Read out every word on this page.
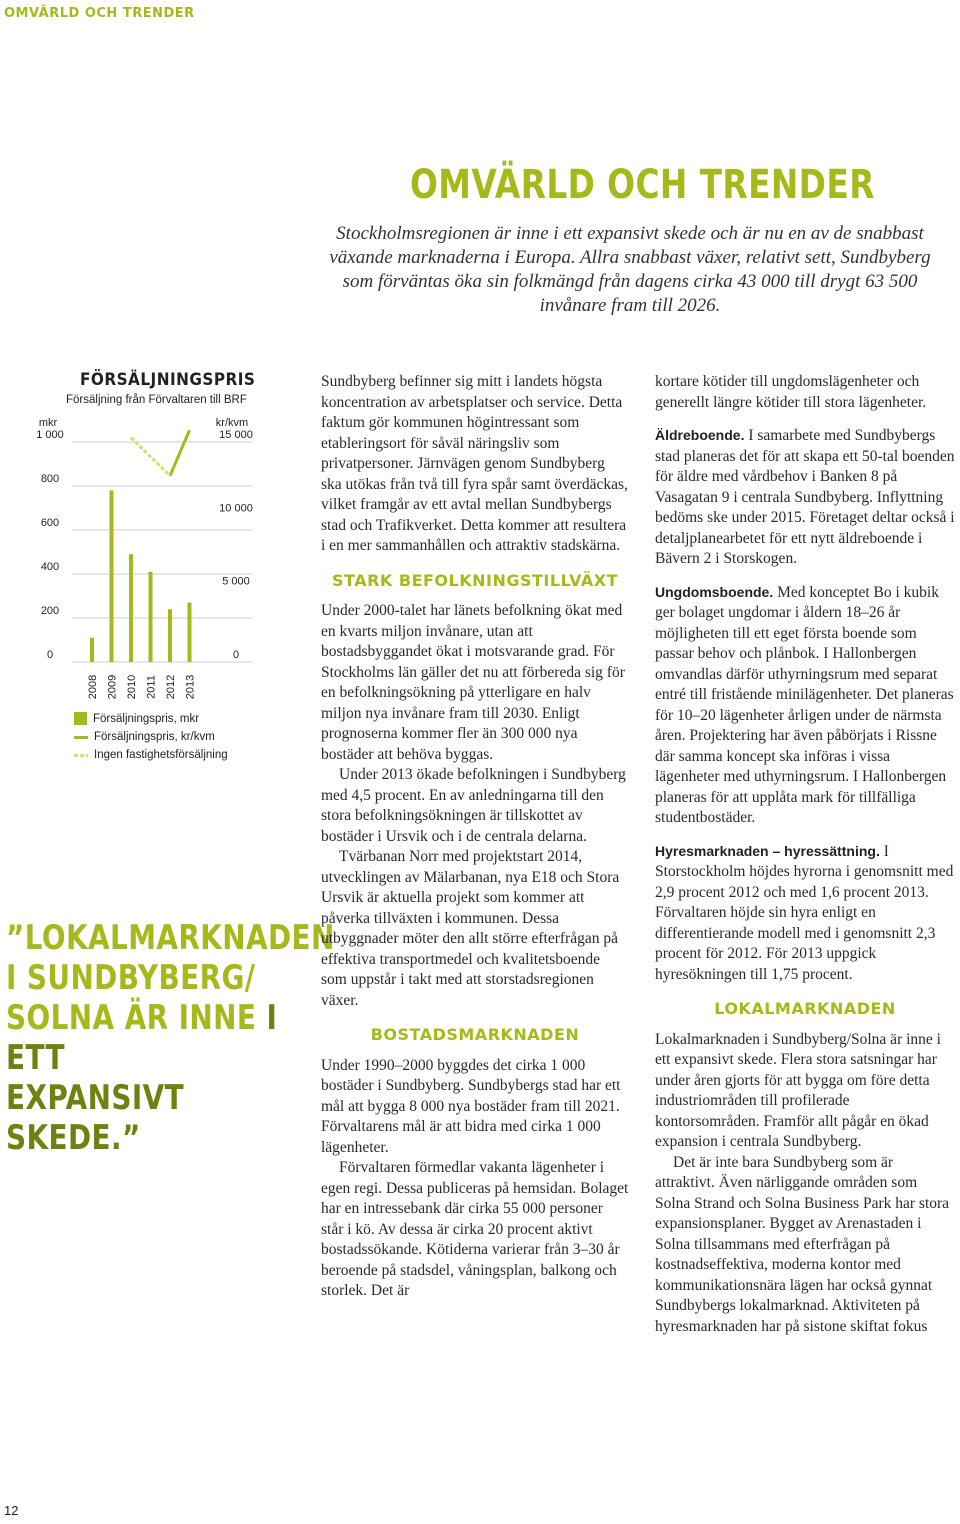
OMVÄRLD OCH TRENDER
OMVÄRLD OCH TRENDER
Stockholmsregionen är inne i ett expansivt skede och är nu en av de snabbast växande marknaderna i Europa. Allra snabbast växer, relativt sett, Sundbyberg som förväntas öka sin folkmängd från dagens cirka 43 000 till drygt 63 500 invånare fram till 2026.
FÖRSÄLJNINGSPRIS
Försäljning från Förvaltaren till BRF
1 000
800
600
400
200
0
mkr	kr/kvm
15 000
10 000
5 000
0
2008 2009 2010 2011 2012 2013
Försäljningspris, mkr
Försäljningspris, kr/kvm
Ingen fastighetsförsäljning
”LOKALMARKNADEN
I SUNDBYBERG/
SOLNA ÄR INNE I ETT
EXPANSIVT SKEDE.”

Sundbyberg befinner sig mitt i landets högsta koncentration av arbetsplatser och service. Detta faktum gör kommunen högintressant som etableringsort för såväl näringsliv som privatpersoner. Järnvägen genom Sundbyberg ska utökas från två till fyra spår samt överdäckas, vilket framgår av ett avtal mellan Sundbybergs stad och Trafikverket. Detta kommer att resultera i en mer sammanhållen och attraktiv stadskärna.

STARK BEFOLKNINGSTILLVÄXT

Under 2000-talet har länets befolkning ökat med en kvarts miljon invånare, utan att bostadsbyggandet ökat i motsvarande grad. För Stockholms län gäller det nu att förbereda sig för en befolkningsökning på ytterligare en halv miljon nya invånare fram till 2030. Enligt prognoserna kommer fler än 300 000 nya bostäder att behöva byggas.

Under 2013 ökade befolkningen i Sundbyberg med 4,5 procent. En av anledningarna till den stora befolkningsökningen är tillskottet av bostäder i Ursvik och i de centrala delarna.

Tvärbanan Norr med projektstart 2014, utvecklingen av Mälarbanan, nya E18 och Stora Ursvik är aktuella projekt som kommer att påverka tillväxten i kommunen. Dessa utbyggnader möter den allt större efterfrågan på effektiva transportmedel och kvalitetsboende som uppstår i takt med att storstadsregionen växer.

BOSTADSMARKNADEN

Under 1990–2000 byggdes det cirka 1 000 bostäder i Sundbyberg. Sundbybergs stad har ett mål att bygga 8 000 nya bostäder fram till 2021. Förvaltarens mål är att bidra med cirka 1 000 lägenheter.

Förvaltaren förmedlar vakanta lägenheter i egen regi. Dessa publiceras på hemsidan. Bolaget har en intressebank där cirka 55 000 personer står i kö. Av dessa är cirka 20 procent aktivt bostadssökande. Kötiderna varierar från 3–30 år beroende på stadsdel, våningsplan, balkong och storlek. Det är

kortare kötider till ungdomslägenheter och generellt längre kötider till stora lägenheter.

Äldreboende. I samarbete med Sundbybergs stad planeras det för att skapa ett 50-tal boenden för äldre med vårdbehov i Banken 8 på Vasagatan 9 i centrala Sundbyberg. Inflyttning bedöms ske under 2015. Företaget deltar också i detaljplanearbetet för ett nytt äldreboende i Bävern 2 i Storskogen.

Ungdomsboende. Med konceptet Bo i kubik ger bolaget ungdomar i åldern 18–26 år möjligheten till ett eget första boende som passar behov och plånbok. I Hallonbergen omvandlas därför uthyrningsrum med separat entré till fristående minilägenheter. Det planeras för 10–20 lägenheter årligen under de närmsta åren. Projektering har även påbörjats i Rissne där samma koncept ska införas i vissa lägenheter med uthyrningsrum. I Hallonbergen planeras för att upplåta mark för tillfälliga studentbostäder.

Hyresmarknaden – hyressättning. I Storstockholm höjdes hyrorna i genomsnitt med 2,9 procent 2012 och med 1,6 procent 2013. Förvaltaren höjde sin hyra enligt en differentierande modell med i genomsnitt 2,3 procent för 2012. För 2013 uppgick hyresökningen till 1,75 procent.

LOKALMARKNADEN

Lokalmarknaden i Sundbyberg/Solna är inne i ett expansivt skede. Flera stora satsningar har under åren gjorts för att bygga om före detta industriområden till profilerade kontorsområden. Framför allt pågår en ökad expansion i centrala Sundbyberg.

Det är inte bara Sundbyberg som är attraktivt. Även närliggande områden som Solna Strand och Solna Business Park har stora expansionsplaner. Bygget av Arenastaden i Solna tillsammans med efterfrågan på kostnadseffektiva, moderna kontor med kommunikationsnära lägen har också gynnat Sundbybergs lokalmarknad. Aktiviteten på hyresmarknaden har på sistone skiftat fokus

12
